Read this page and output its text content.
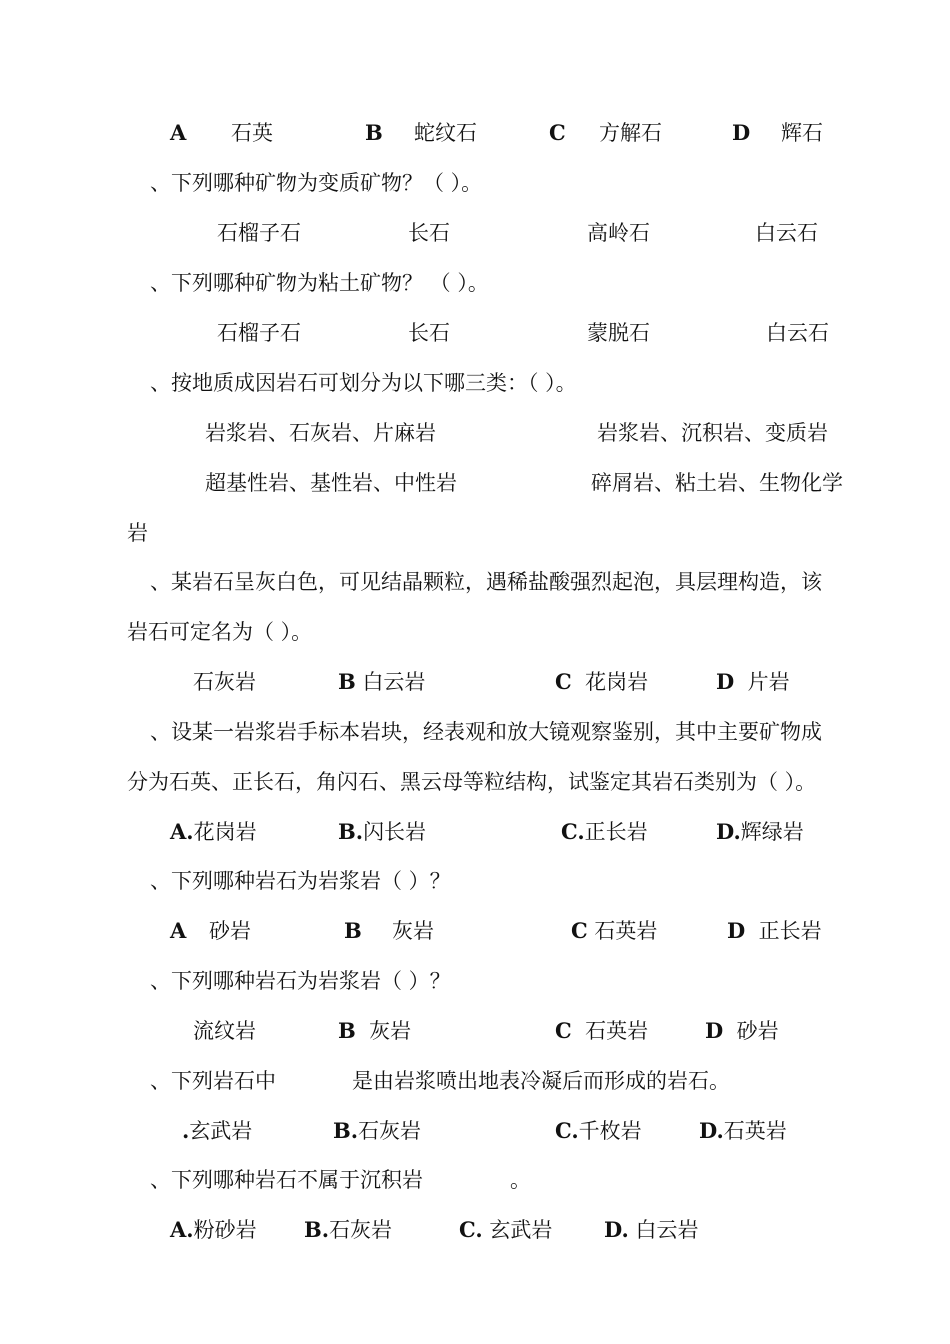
A 石英	B 蛇纹石	C 方解石	D 辉石
、下列哪种矿物为变质矿物？（ ）。
石榴子石	长石	高岭石	白云石
、下列哪种矿物为粘土矿物？ （ ）。
石榴子石	长石	蒙脱石	白云石
、按地质成因岩石可划分为以下哪三类：（ ）。
岩浆岩、石灰岩、片麻岩	岩浆岩、沉积岩、变质岩
超基性岩、基性岩、中性岩	碎屑岩、粘土岩、生物化学
岩
、某岩石呈灰白色，可见结晶颗粒，遇稀盐酸强烈起泡，具层理构造，该
岩石可定名为（ ）。
石灰岩	B 白云岩	C 花岗岩	D 片岩
、设某一岩浆岩手标本岩块，经表观和放大镜观察鉴别，其中主要矿物成
分为石英、正长石，角闪石、黑云母等粒结构，试鉴定其岩石类别为（ ）。
A.花岗岩	B.闪长岩	C.正长岩	D.辉绿岩
、下列哪种岩石为岩浆岩（ ）？
A 砂岩	B 灰岩	C 石英岩	D 正长岩
、下列哪种岩石为岩浆岩（ ）？
流纹岩	B 灰岩	C 石英岩	D 砂岩
、下列岩石中	是由岩浆喷出地表冷凝后而形成的岩石。
.玄武岩	B.石灰岩	C.千枚岩	D.石英岩
、下列哪种岩石不属于沉积岩	。
A.粉砂岩 B.石灰岩	C. 玄武岩 D. 白云岩
